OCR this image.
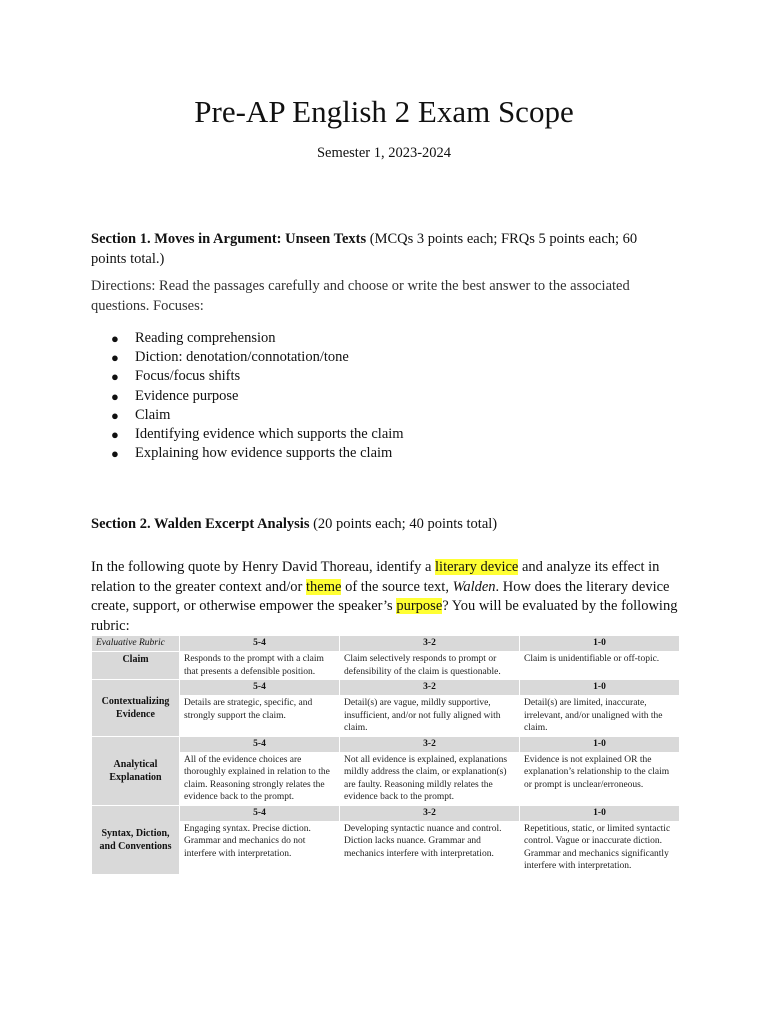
Pre-AP English 2 Exam Scope
Semester 1, 2023-2024
Section 1. Moves in Argument: Unseen Texts (MCQs 3 points each; FRQs 5 points each; 60 points total.)
Directions: Read the passages carefully and choose or write the best answer to the associated questions. Focuses:
● Reading comprehension
● Diction: denotation/connotation/tone
● Focus/focus shifts
● Evidence purpose
● Claim
● Identifying evidence which supports the claim
● Explaining how evidence supports the claim
Section 2. Walden Excerpt Analysis (20 points each; 40 points total)
In the following quote by Henry David Thoreau, identify a literary device and analyze its effect in relation to the greater context and/or theme of the source text, Walden. How does the literary device create, support, or otherwise empower the speaker’s purpose? You will be evaluated by the following rubric:
Evaluative Rubric	5-4	3-2	1-0
Claim	Responds to the prompt with a claim that presents a defensible position.	Claim selectively responds to prompt or defensibility of the claim is questionable.	Claim is unidentifiable or off-topic.
Contextualizing Evidence	5-4	3-2	1-0
	Details are strategic, specific, and strongly support the claim.	Detail(s) are vague, mildly supportive, insufficient, and/or not fully aligned with claim.	Detail(s) are limited, inaccurate, irrelevant, and/or unaligned with the claim.
Analytical Explanation	5-4	3-2	1-0
	All of the evidence choices are thoroughly explained in relation to the claim. Reasoning strongly relates the evidence back to the prompt.	Not all evidence is explained, explanations mildly address the claim, or explanation(s) are faulty. Reasoning mildly relates the evidence back to the prompt.	Evidence is not explained OR the explanation’s relationship to the claim or prompt is unclear/erroneous.
Syntax, Diction, and Conventions	5-4	3-2	1-0
	Engaging syntax. Precise diction. Grammar and mechanics do not interfere with interpretation.	Developing syntactic nuance and control. Diction lacks nuance. Grammar and mechanics interfere with interpretation.	Repetitious, static, or limited syntactic control. Vague or inaccurate diction. Grammar and mechanics significantly interfere with interpretation.
